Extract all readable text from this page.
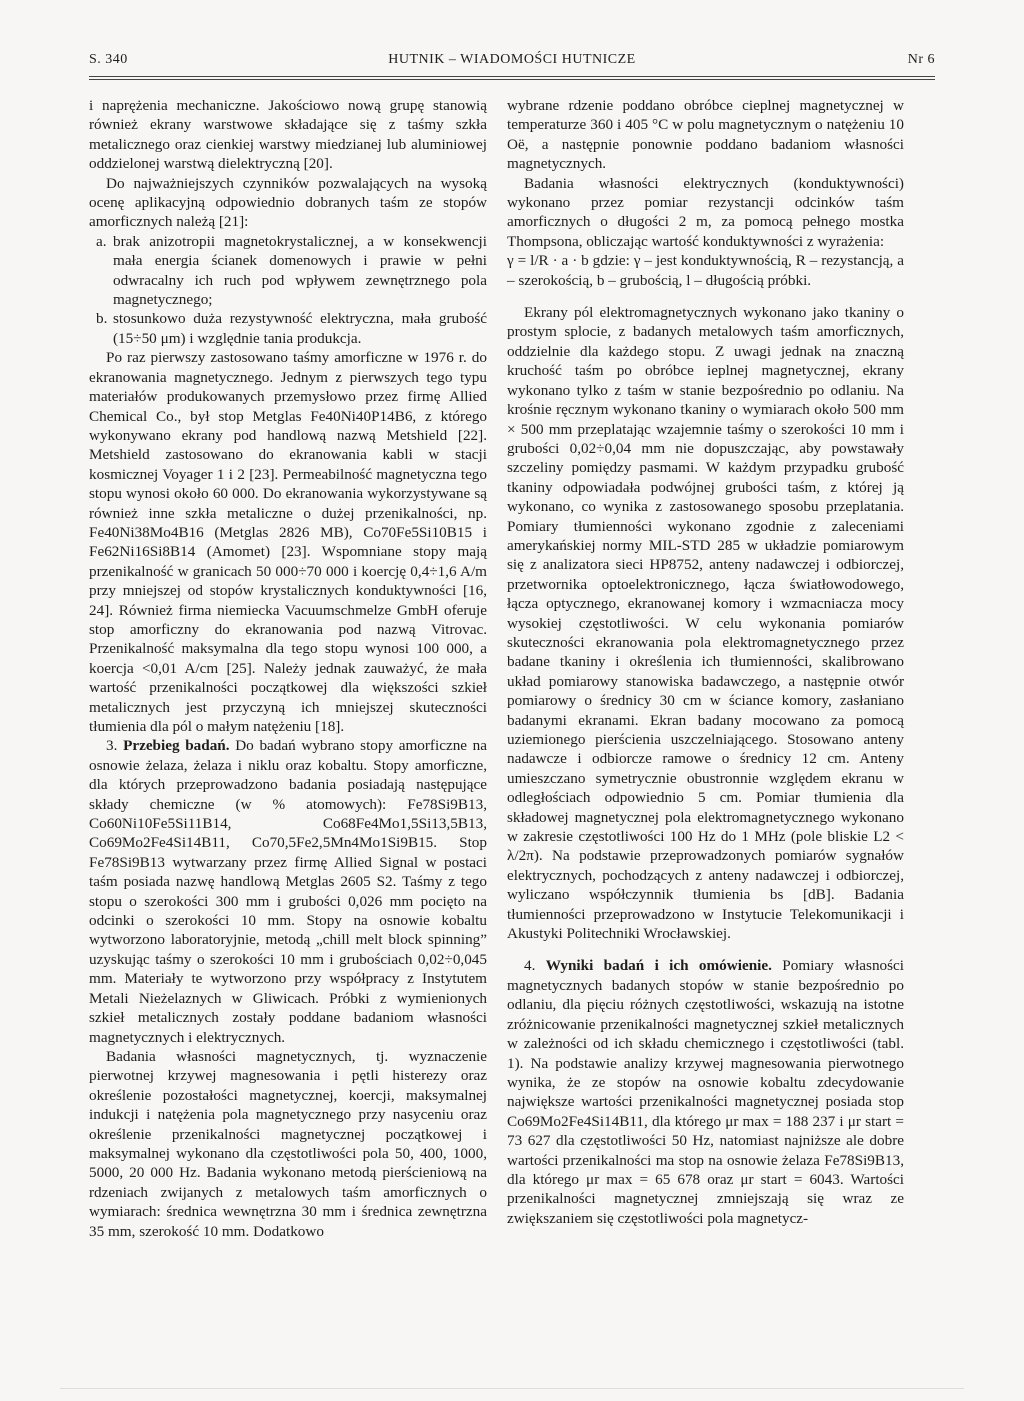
S. 340	HUTNIK – WIADOMOŚCI HUTNICZE	Nr 6

i naprężenia mechaniczne. Jakościowo nową grupę stanowią również ekrany warstwowe składające się z taśmy szkła metalicznego oraz cienkiej warstwy miedzianej lub aluminiowej oddzielonej warstwą dielektryczną [20].

Do najważniejszych czynników pozwalających na wysoką ocenę aplikacyjną odpowiednio dobranych taśm ze stopów amorficznych należą [21]:

a. brak anizotropii magnetokrystalicznej, a w konsekwencji mała energia ścianek domenowych i prawie w pełni odwracalny ich ruch pod wpływem zewnętrznego pola magnetycznego;
b. stosunkowo duża rezystywność elektryczna, mała grubość (15÷50 μm) i względnie tania produkcja.

Po raz pierwszy zastosowano taśmy amorficzne w 1976 r. do ekranowania magnetycznego. Jednym z pierwszych tego typu materiałów produkowanych przemysłowo przez firmę Allied Chemical Co., był stop Metglas Fe40Ni40P14B6, z którego wykonywano ekrany pod handlową nazwą Metshield [22]. Metshield zastosowano do ekranowania kabli w stacji kosmicznej Voyager 1 i 2 [23]. Permeabilność magnetyczna tego stopu wynosi około 60 000. Do ekranowania wykorzystywane są również inne szkła metaliczne o dużej przenikalności, np. Fe40Ni38Mo4B16 (Metglas 2826 MB), Co70Fe5Si10B15 i Fe62Ni16Si8B14 (Amomet) [23]. Wspomniane stopy mają przenikalność w granicach 50 000÷70 000 i koercję 0,4÷1,6 A/m przy mniejszej od stopów krystalicznych konduktywności [16, 24]. Również firma niemiecka Vacuumschmelze GmbH oferuje stop amorficzny do ekranowania pod nazwą Vitrovac. Przenikalność maksymalna dla tego stopu wynosi 100 000, a koercja <0,01 A/cm [25]. Należy jednak zauważyć, że mała wartość przenikalności początkowej dla większości szkieł metalicznych jest przyczyną ich mniejszej skuteczności tłumienia dla pól o małym natężeniu [18].

3. Przebieg badań. Do badań wybrano stopy amorficzne na osnowie żelaza, żelaza i niklu oraz kobaltu. Stopy amorficzne, dla których przeprowadzono badania posiadają następujące składy chemiczne (w % atomowych): Fe78Si9B13, Co60Ni10Fe5Si11B14, Co68Fe4Mo1,5Si13,5B13, Co69Mo2Fe4Si14B11, Co70,5Fe2,5Mn4Mo1Si9B15. Stop Fe78Si9B13 wytwarzany przez firmę Allied Signal w postaci taśm posiada nazwę handlową Metglas 2605 S2. Taśmy z tego stopu o szerokości 300 mm i grubości 0,026 mm pocięto na odcinki o szerokości 10 mm. Stopy na osnowie kobaltu wytworzono laboratoryjnie, metodą „chill melt block spinning” uzyskując taśmy o szerokości 10 mm i grubościach 0,02÷0,045 mm. Materiały te wytworzono przy współpracy z Instytutem Metali Nieżelaznych w Gliwicach. Próbki z wymienionych szkieł metalicznych zostały poddane badaniom własności magnetycznych i elektrycznych.

Badania własności magnetycznych, tj. wyznaczenie pierwotnej krzywej magnesowania i pętli histerezy oraz określenie pozostałości magnetycznej, koercji, maksymalnej indukcji i natężenia pola magnetycznego przy nasyceniu oraz określenie przenikalności magnetycznej początkowej i maksymalnej wykonano dla częstotliwości pola 50, 400, 1000, 5000, 20 000 Hz. Badania wykonano metodą pierścieniową na rdzeniach zwijanych z metalowych taśm amorficznych o wymiarach: średnica wewnętrzna 30 mm i średnica zewnętrzna 35 mm, szerokość 10 mm. Dodatkowo

wybrane rdzenie poddano obróbce cieplnej magnetycznej w temperaturze 360 i 405 °C w polu magnetycznym o natężeniu 10 Oë, a następnie ponownie poddano badaniom własności magnetycznych.

Badania własności elektrycznych (konduktywności) wykonano przez pomiar rezystancji odcinków taśm amorficznych o długości 2 m, za pomocą pełnego mostka Thompsona, obliczając wartość konduktywności z wyrażenia:

γ = l/R · a · b gdzie: γ – jest konduktywnością, R – rezystancją, a – szerokością, b – grubością, l – długością próbki.

Ekrany pól elektromagnetycznych wykonano jako tkaniny o prostym splocie, z badanych metalowych taśm amorficznych, oddzielnie dla każdego stopu. Z uwagi jednak na znaczną kruchość taśm po obróbce ieplnej magnetycznej, ekrany wykonano tylko z taśm w stanie bezpośrednio po odlaniu. Na krośnie ręcznym wykonano tkaniny o wymiarach około 500 mm × 500 mm przeplatając wzajemnie taśmy o szerokości 10 mm i grubości 0,02÷0,04 mm nie dopuszczając, aby powstawały szczeliny pomiędzy pasmami. W każdym przypadku grubość tkaniny odpowiadała podwójnej grubości taśm, z której ją wykonano, co wynika z zastosowanego sposobu przeplatania. Pomiary tłumienności wykonano zgodnie z zaleceniami amerykańskiej normy MIL-STD 285 w układzie pomiarowym się z analizatora sieci HP8752, anteny nadawczej i odbiorczej, przetwornika optoelektronicznego, łącza światłowodowego, łącza optycznego, ekranowanej komory i wzmacniacza mocy wysokiej częstotliwości. W celu wykonania pomiarów skuteczności ekranowania pola elektromagnetycznego przez badane tkaniny i określenia ich tłumienności, skalibrowano układ pomiarowy stanowiska badawczego, a następnie otwór pomiarowy o średnicy 30 cm w ściance komory, zasłaniano badanymi ekranami. Ekran badany mocowano za pomocą uziemionego pierścienia uszczelniającego. Stosowano anteny nadawcze i odbiorcze ramowe o średnicy 12 cm. Anteny umieszczano symetrycznie obustronnie względem ekranu w odległościach odpowiednio 5 cm. Pomiar tłumienia dla składowej magnetycznej pola elektromagnetycznego wykonano w zakresie częstotliwości 100 Hz do 1 MHz (pole bliskie L2 < λ/2π). Na podstawie przeprowadzonych pomiarów sygnałów elektrycznych, pochodzących z anteny nadawczej i odbiorczej, wyliczano współczynnik tłumienia bs [dB]. Badania tłumienności przeprowadzono w Instytucie Telekomunikacji i Akustyki Politechniki Wrocławskiej.

4. Wyniki badań i ich omówienie. Pomiary własności magnetycznych badanych stopów w stanie bezpośrednio po odlaniu, dla pięciu różnych częstotliwości, wskazują na istotne zróżnicowanie przenikalności magnetycznej szkieł metalicznych w zależności od ich składu chemicznego i częstotliwości (tabl. 1). Na podstawie analizy krzywej magnesowania pierwotnego wynika, że ze stopów na osnowie kobaltu zdecydowanie największe wartości przenikalności magnetycznej posiada stop Co69Mo2Fe4Si14B11, dla którego μr max = 188 237 i μr start = 73 627 dla częstotliwości 50 Hz, natomiast najniższe ale dobre wartości przenikalności ma stop na osnowie żelaza Fe78Si9B13, dla którego μr max = 65 678 oraz μr start = 6043. Wartości przenikalności magnetycznej zmniejszają się wraz ze zwiększaniem się częstotliwości pola magnetycz-
